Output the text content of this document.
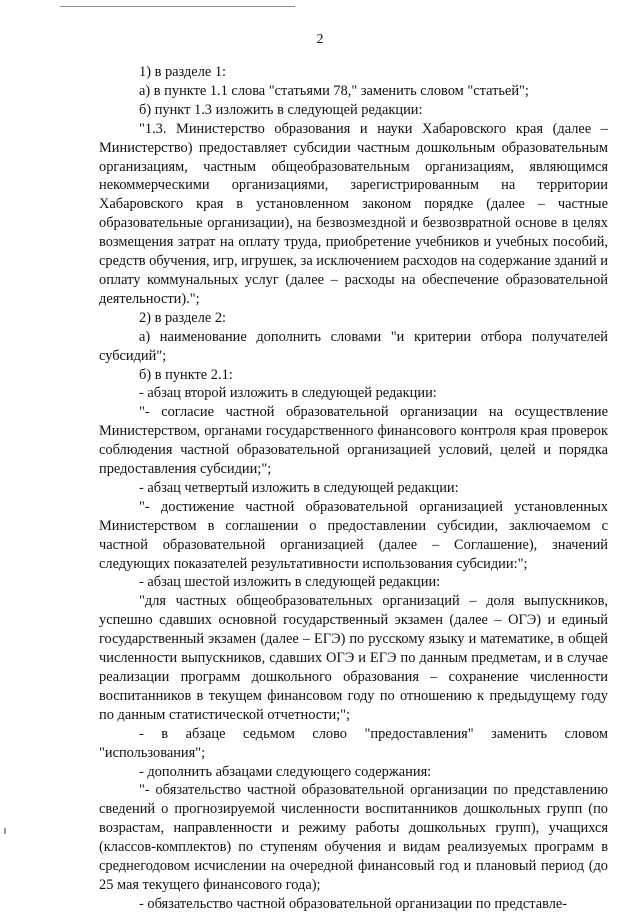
2

1) в разделе 1:

а) в пункте 1.1 слова "статьями 78," заменить словом "статьей";

б) пункт 1.3 изложить в следующей редакции:

"1.3. Министерство образования и науки Хабаровского края (далее – Министерство) предоставляет субсидии частным дошкольным образовательным организациям, частным общеобразовательным организациям, являющимся некоммерческими организациями, зарегистрированным на территории Хабаровского края в установленном законом порядке (далее – частные образовательные организации), на безвозмездной и безвозвратной основе в целях возмещения затрат на оплату труда, приобретение учебников и учебных пособий, средств обучения, игр, игрушек, за исключением расходов на содержание зданий и оплату коммунальных услуг (далее – расходы на обеспечение образовательной деятельности).";

2) в разделе 2:

а) наименование дополнить словами "и критерии отбора получателей субсидий";

б) в пункте 2.1:

- абзац второй изложить в следующей редакции:

"- согласие частной образовательной организации на осуществление Министерством, органами государственного финансового контроля края проверок соблюдения частной образовательной организацией условий, целей и порядка предоставления субсидии;";

- абзац четвертый изложить в следующей редакции:

"- достижение частной образовательной организацией установленных Министерством в соглашении о предоставлении субсидии, заключаемом с частной образовательной организацией (далее – Соглашение), значений следующих показателей результативности использования субсидии:";

- абзац шестой изложить в следующей редакции:

"для частных общеобразовательных организаций – доля выпускников, успешно сдавших основной государственный экзамен (далее – ОГЭ) и единый государственный экзамен (далее – ЕГЭ) по русскому языку и математике, в общей численности выпускников, сдавших ОГЭ и ЕГЭ по данным предметам, и в случае реализации программ дошкольного образования – сохранение численности воспитанников в текущем финансовом году по отношению к предыдущему году по данным статистической отчетности;";

- в абзаце седьмом слово "предоставления" заменить словом "использования";

- дополнить абзацами следующего содержания:

"- обязательство частной образовательной организации по представлению сведений о прогнозируемой численности воспитанников дошкольных групп (по возрастам, направленности и режиму работы дошкольных групп), учащихся (классов-комплектов) по ступеням обучения и видам реализуемых программ в среднегодовом исчислении на очередной финансовый год и плановый период (до 25 мая текущего финансового года);

- обязательство частной образовательной организации по представле-
